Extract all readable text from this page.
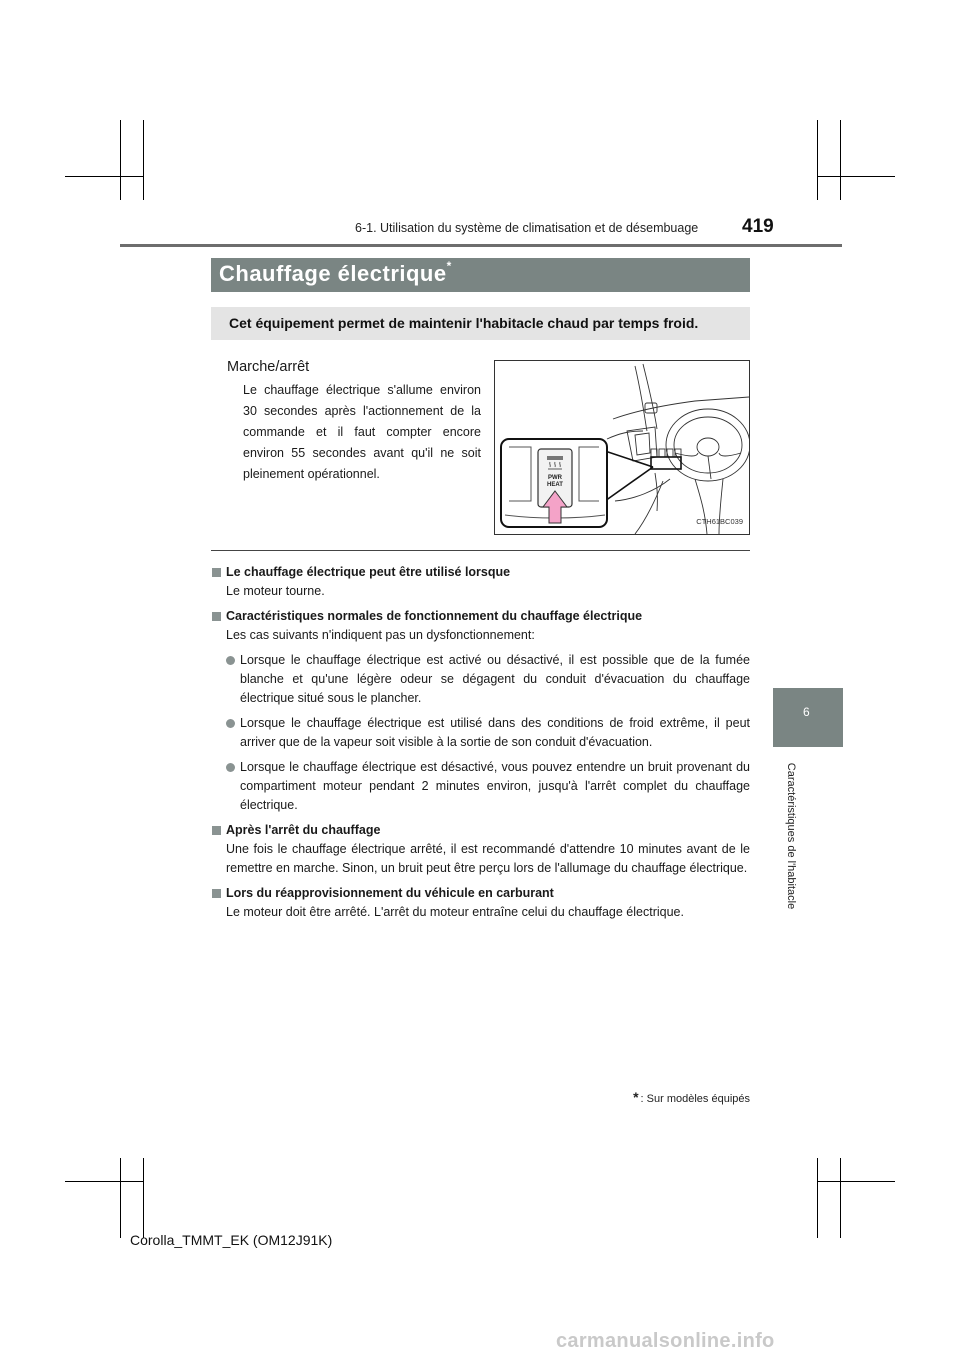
6-1. Utilisation du système de climatisation et de désembuage 419
Chauffage électrique*
Cet équipement permet de maintenir l'habitacle chaud par temps froid.
Marche/arrêt
Le chauffage électrique s'allume environ 30 secondes après l'actionnement de la commande et il faut compter encore environ 55 secondes avant qu'il ne soit pleinement opérationnel.	PWR
HEAT
CTH61BC039
Le chauffage électrique peut être utilisé lorsque
Le moteur tourne.
Caractéristiques normales de fonctionnement du chauffage électrique
Les cas suivants n'indiquent pas un dysfonctionnement:
Lorsque le chauffage électrique est activé ou désactivé, il est possible que de la fumée blanche et qu'une légère odeur se dégagent du conduit d'évacuation du chauffage électrique situé sous le plancher.
Lorsque le chauffage électrique est utilisé dans des conditions de froid extrême, il peut arriver que de la vapeur soit visible à la sortie de son conduit d'évacuation.
Lorsque le chauffage électrique est désactivé, vous pouvez entendre un bruit provenant du compartiment moteur pendant 2 minutes environ, jusqu'à l'arrêt complet du chauffage électrique.
Après l'arrêt du chauffage
Une fois le chauffage électrique arrêté, il est recommandé d'attendre 10 minutes avant de le remettre en marche. Sinon, un bruit peut être perçu lors de l'allumage du chauffage électrique.
Lors du réapprovisionnement du véhicule en carburant
Le moteur doit être arrêté. L'arrêt du moteur entraîne celui du chauffage électrique.
* : Sur modèles équipés
6
Caractéristiques de l'habitacle
Corolla_TMMT_EK (OM12J91K)
carmanualsonline.info
